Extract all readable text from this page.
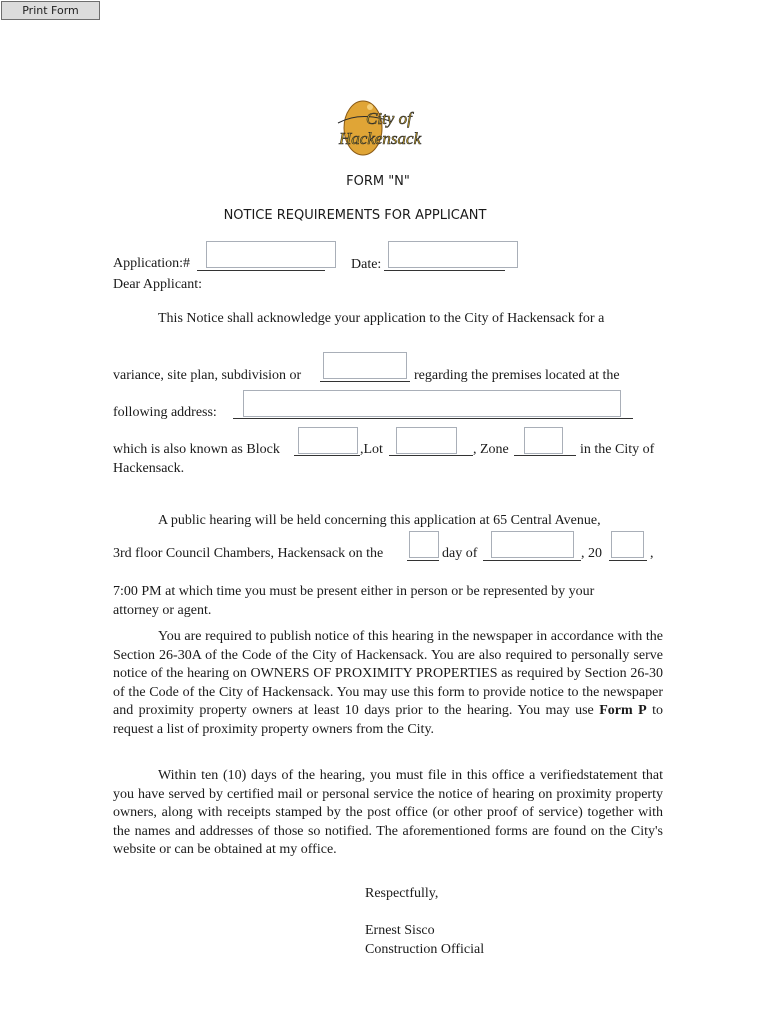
Print Form
City of
Hackensack
FORM "N"
NOTICE REQUIREMENTS FOR APPLICANT
Application:#	Date:
Dear Applicant:
This Notice shall acknowledge your application to the City of Hackensack for a
variance, site plan, subdivision or	regarding the premises located at the
following address:
which is also known as Block	,Lot	, Zone	in the City of
Hackensack.
A public hearing will be held concerning this application at 65 Central Avenue,
3rd floor Council Chambers, Hackensack on the	day of	, 20	,
7:00 PM at which time you must be present either in person or be represented by your
attorney or agent.

You are required to publish notice of this hearing in the newspaper in accordance with the Section 26-30A of the Code of the City of Hackensack. You are also required to personally serve notice of the hearing on OWNERS OF PROXIMITY PROPERTIES as required by Section 26-30 of the Code of the City of Hackensack. You may use this form to provide notice to the newspaper and proximity property owners at least 10 days prior to the hearing. You may use Form P to request a list of proximity property owners from the City.

Within ten (10) days of the hearing, you must file in this office a verifiedstatement that you have served by certified mail or personal service the notice of hearing on proximity property owners, along with receipts stamped by the post office (or other proof of service) together with the names and addresses of those so notified. The aforementioned forms are found on the City's website or can be obtained at my office.

Respectfully,
Ernest Sisco
Construction Official
